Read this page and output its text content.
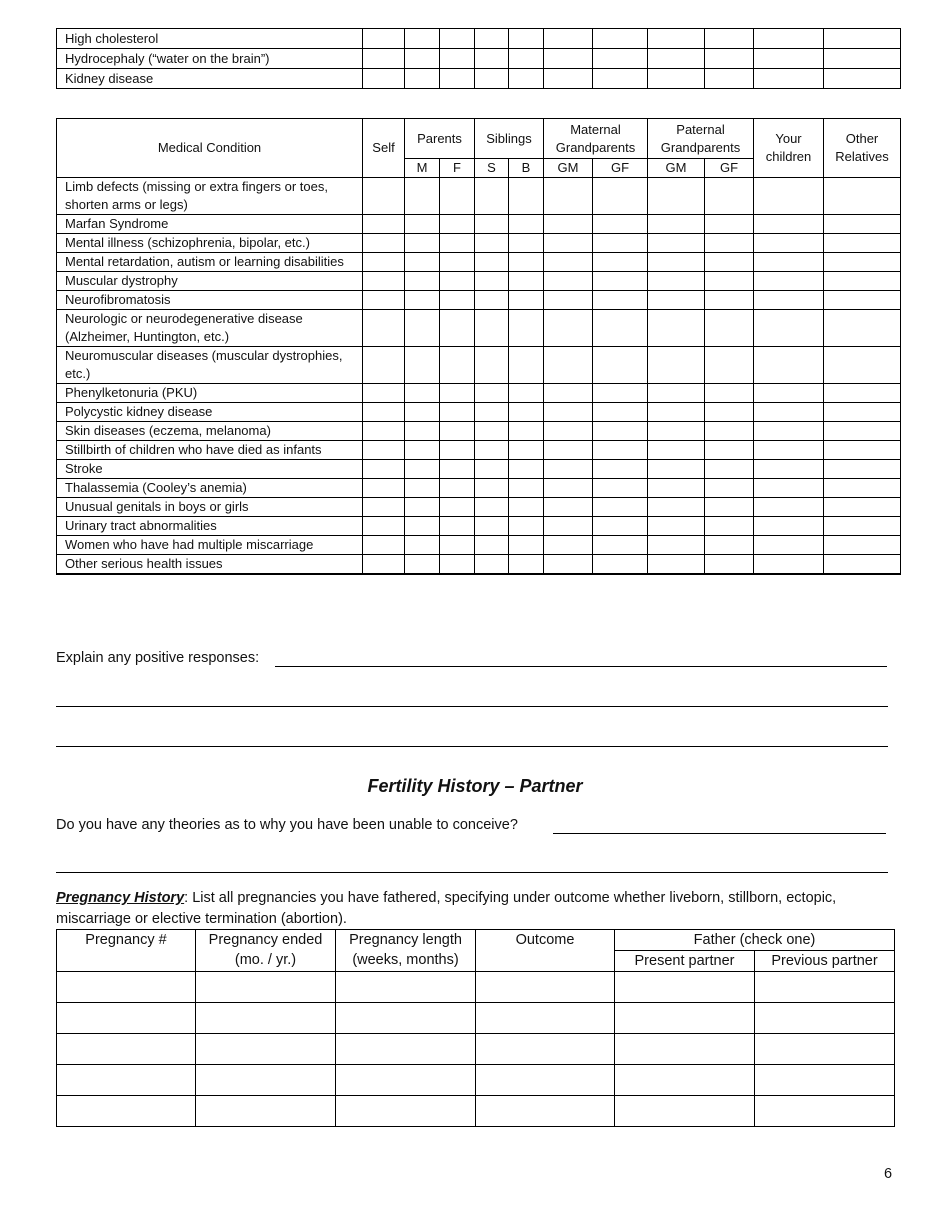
High cholesterol											
Hydrocephaly (“water on the brain”)											
Kidney disease											
Medical Condition	Self	Parents		Siblings		Maternal Grandparents		Paternal Grandparents		Your children	Other Relatives

		M	F	S	B	GM	GF	GM	GF		
Limb defects (missing or extra fingers or toes, shorten arms or legs)											
Marfan Syndrome											
Mental illness (schizophrenia, bipolar, etc.)											
Mental retardation, autism or learning disabilities											
Muscular dystrophy											
Neurofibromatosis											
Neurologic or neurodegenerative disease (Alzheimer, Huntington, etc.)											
Neuromuscular diseases (muscular dystrophies, etc.)											
Phenylketonuria (PKU)											
Polycystic kidney disease											
Skin diseases (eczema, melanoma)											
Stillbirth of children who have died as infants											
Stroke											
Thalassemia (Cooley’s anemia)											
Unusual genitals in boys or girls											
Urinary tract abnormalities											
Women who have had multiple miscarriage											
Other serious health issues											

Explain any positive responses:
Fertility History – Partner
Do you have any theories as to why you have been unable to conceive?
Pregnancy History: List all pregnancies you have fathered, specifying under outcome whether liveborn, stillborn, ectopic, miscarriage or elective termination (abortion).
Pregnancy #	Pregnancy ended (mo. / yr.)	Pregnancy length (weeks, months)	Outcome	Father (check one)	
				Present partner	Previous partner

6
